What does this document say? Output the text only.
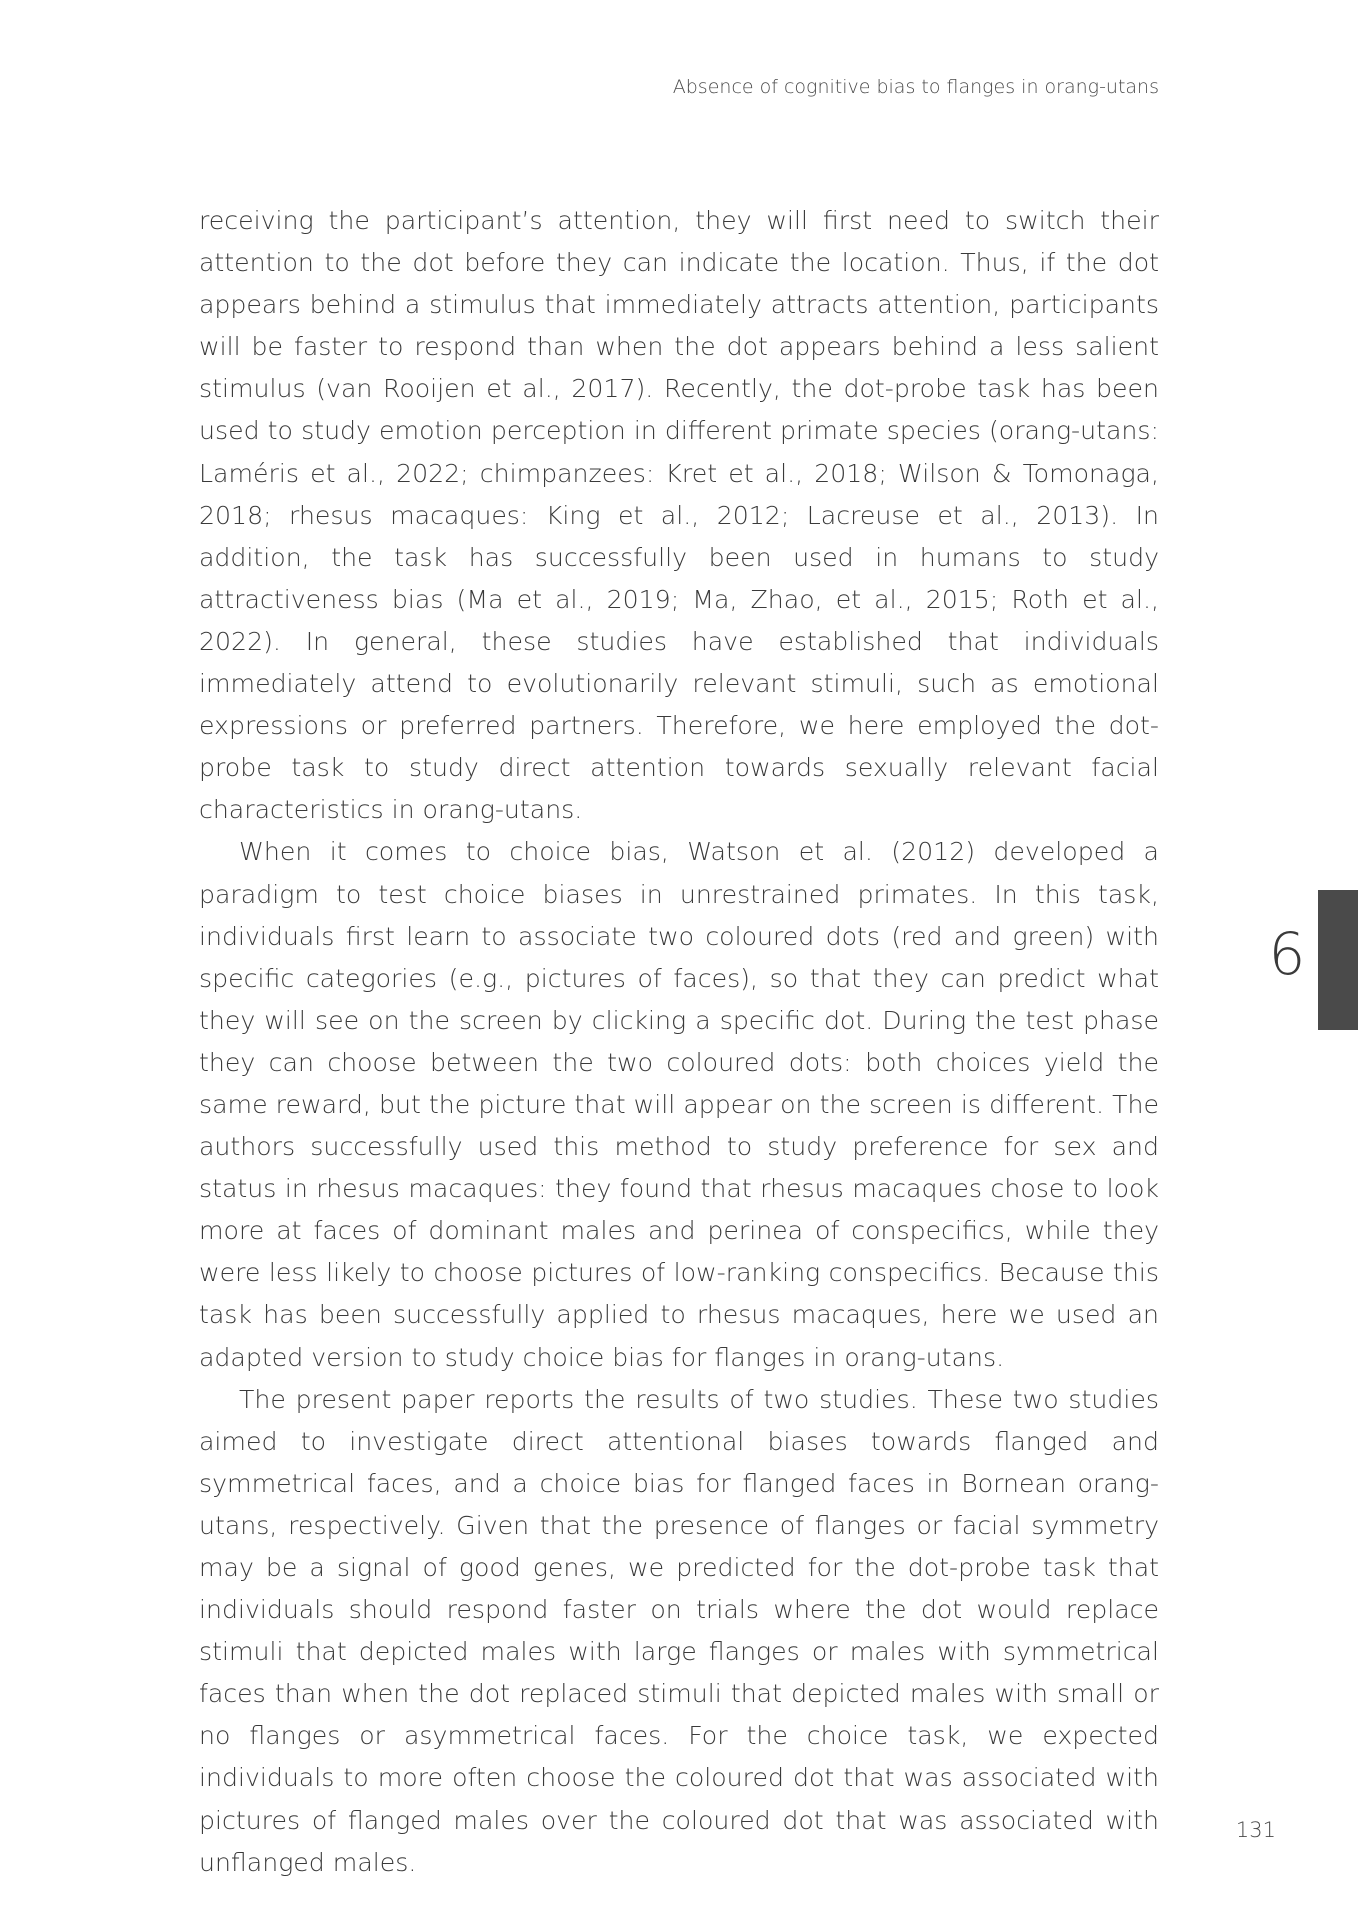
Absence of cognitive bias to flanges in orang-utans

receiving the participant’s attention, they will first need to switch their attention to the dot before they can indicate the location. Thus, if the dot appears behind a stimulus that immediately attracts attention, participants will be faster to respond than when the dot appears behind a less salient stimulus (van Rooijen et al., 2017). Recently, the dot-probe task has been used to study emotion perception in different primate species (orang-utans: Laméris et al., 2022; chimpanzees: Kret et al., 2018; Wilson & Tomonaga, 2018; rhesus macaques: King et al., 2012; Lacreuse et al., 2013). In addition, the task has successfully been used in humans to study attractiveness bias (Ma et al., 2019; Ma, Zhao, et al., 2015; Roth et al., 2022). In general, these studies have established that individuals immediately attend to evolutionarily relevant stimuli, such as emotional expressions or preferred partners. Therefore, we here employed the dot-probe task to study direct attention towards sexually relevant facial characteristics in orang-utans.

When it comes to choice bias, Watson et al. (2012) developed a paradigm to test choice biases in unrestrained primates. In this task, individuals first learn to associate two coloured dots (red and green) with specific categories (e.g., pictures of faces), so that they can predict what they will see on the screen by clicking a specific dot. During the test phase they can choose between the two coloured dots: both choices yield the same reward, but the picture that will appear on the screen is different. The authors successfully used this method to study preference for sex and status in rhesus macaques: they found that rhesus macaques chose to look more at faces of dominant males and perinea of conspecifics, while they were less likely to choose pictures of low-ranking conspecifics. Because this task has been successfully applied to rhesus macaques, here we used an adapted version to study choice bias for flanges in orang-utans.

The present paper reports the results of two studies. These two studies aimed to investigate direct attentional biases towards flanged and symmetrical faces, and a choice bias for flanged faces in Bornean orang-utans, respectively. Given that the presence of flanges or facial symmetry may be a signal of good genes, we predicted for the dot-probe task that individuals should respond faster on trials where the dot would replace stimuli that depicted males with large flanges or males with symmetrical faces than when the dot replaced stimuli that depicted males with small or no flanges or asymmetrical faces. For the choice task, we expected individuals to more often choose the coloured dot that was associated with pictures of flanged males over the coloured dot that was associated with unflanged males.

6
131
